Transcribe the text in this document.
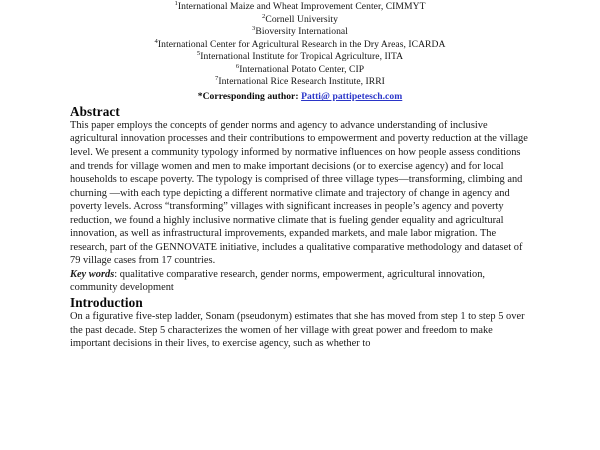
$^1$International Maize and Wheat Improvement Center, CIMMYT
$^2$Cornell University
$^3$Bioversity International
$^4$International Center for Agricultural Research in the Dry Areas, ICARDA
$^5$International Institute for Tropical Agriculture, IITA
$^6$International Potato Center, CIP
$^7$International Rice Research Institute, IRRI
*Corresponding author: Patti@ pattipetesch.com
Abstract

This paper employs the concepts of gender norms and agency to advance understanding of inclusive agricultural innovation processes and their contributions to empowerment and poverty reduction at the village level. We present a community typology informed by normative influences on how people assess conditions and trends for village women and men to make important decisions (or to exercise agency) and for local households to escape poverty. The typology is comprised of three village types—transforming, climbing and churning —with each type depicting a different normative climate and trajectory of change in agency and poverty levels. Across “transforming” villages with significant increases in people’s agency and poverty reduction, we found a highly inclusive normative climate that is fueling gender equality and agricultural innovation, as well as infrastructural improvements, expanded markets, and male labor migration. The research, part of the GENNOVATE initiative, includes a qualitative comparative methodology and dataset of 79 village cases from 17 countries.

Key words: qualitative comparative research, gender norms, empowerment, agricultural innovation, community development

Introduction

On a figurative five-step ladder, Sonam (pseudonym) estimates that she has moved from step 1 to step 5 over the past decade. Step 5 characterizes the women of her village with great power and freedom to make important decisions in their lives, to exercise agency, such as whether to
